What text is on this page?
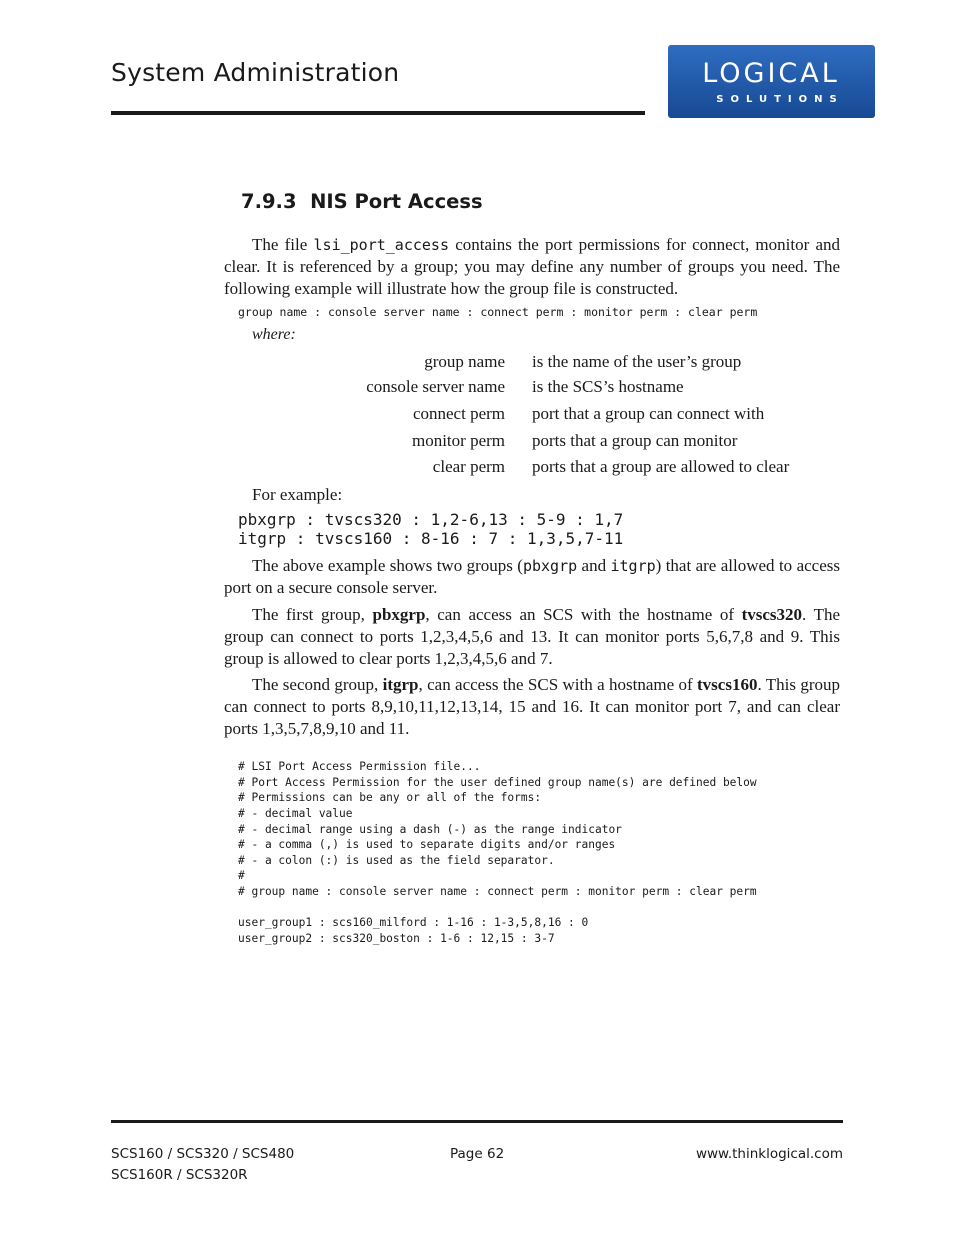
System Administration	LOGICAL
SOLUTIONS
7.9.3  NIS Port Access
The file lsi_port_access contains the port permissions for connect, monitor and clear. It is referenced by a group; you may define any number of groups you need. The following example will illustrate how the group file is constructed.
group name : console server name : connect perm : monitor perm : clear perm
where:
group name is the name of the user’s group
console server name is the SCS’s hostname
connect perm port that a group can connect with
monitor perm ports that a group can monitor
clear perm ports that a group are allowed to clear
For example:
pbxgrp : tvscs320 : 1,2-6,13 : 5-9 : 1,7
itgrp : tvscs160 : 8-16 : 7 : 1,3,5,7-11
The above example shows two groups (pbxgrp and itgrp) that are allowed to access port on a secure console server.
The first group, pbxgrp, can access an SCS with the hostname of tvscs320. The group can connect to ports 1,2,3,4,5,6 and 13. It can monitor ports 5,6,7,8 and 9. This group is allowed to clear ports 1,2,3,4,5,6 and 7.
The second group, itgrp, can access the SCS with a hostname of tvscs160. This group can connect to ports 8,9,10,11,12,13,14, 15 and 16. It can monitor port 7, and can clear ports 1,3,5,7,8,9,10 and 11.
# LSI Port Access Permission file...
# Port Access Permission for the user defined group name(s) are defined below
# Permissions can be any or all of the forms:
# - decimal value
# - decimal range using a dash (-) as the range indicator
# - a comma (,) is used to separate digits and/or ranges
# - a colon (:) is used as the field separator.
#
# group name : console server name : connect perm : monitor perm : clear perm
user_group1 : scs160_milford : 1-16 : 1-3,5,8,16 : 0
user_group2 : scs320_boston : 1-6 : 12,15 : 3-7
SCS160 / SCS320 / SCS480
SCS160R / SCS320R
Page 62	www.thinklogical.com
